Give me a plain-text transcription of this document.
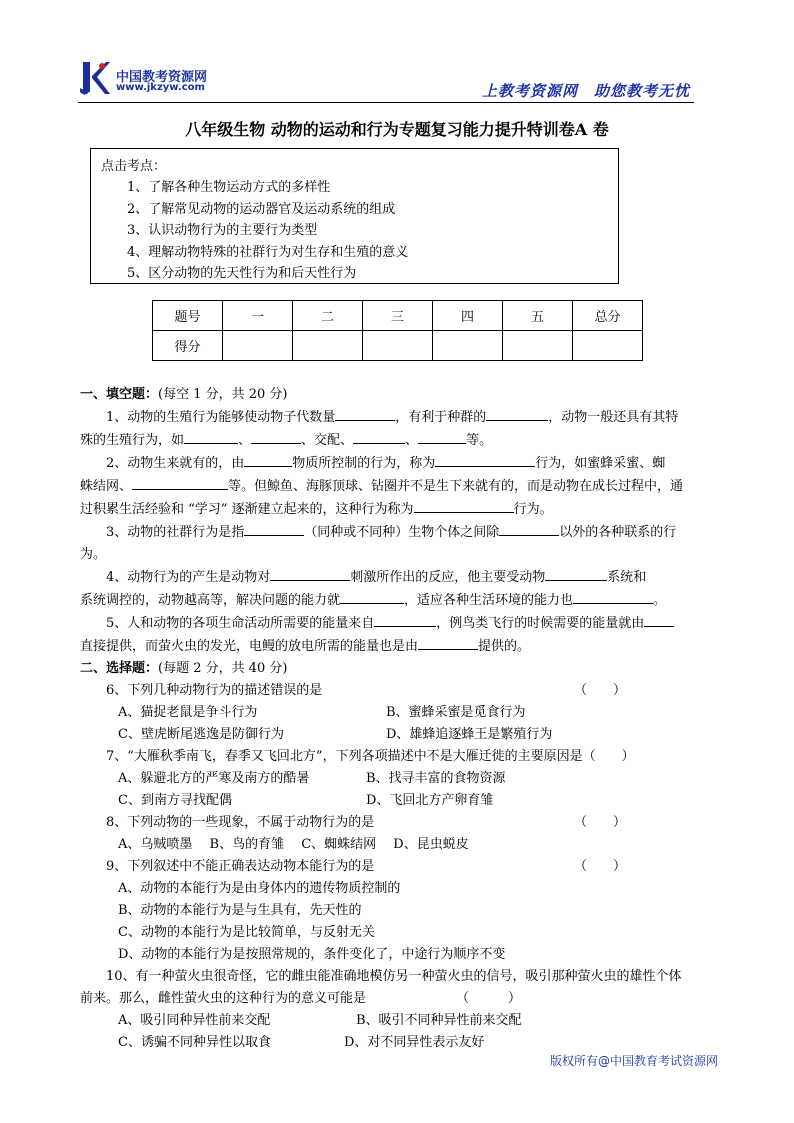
中国教考资源网
www.jkzyw.com	上教考资源网　助您教考无忧
八年级生物 动物的运动和行为专题复习能力提升特训卷A 卷
点击考点：
1、了解各种生物运动方式的多样性
2、了解常见动物的运动器官及运动系统的组成
3、认识动物行为的主要行为类型
4、理解动物特殊的社群行为对生存和生殖的意义
5、区分动物的先天性行为和后天性行为
题号	一	二	三	四	五	总分
得分						

一、填空题：(每空 1 分，共 20 分)

1、动物的生殖行为能够使动物子代数量	，有利于种群的	，动物一般还具有其特

殊的生殖行为，如	、	、交配、	、	等。

2、动物生来就有的，由	物质所控制的行为，称为	行为，如蜜蜂采蜜、蜘

蛛结网、	等。但鲸鱼、海豚顶球、钻圈并不是生下来就有的，而是动物在成长过程中，通

过积累生活经验和 “学习” 逐渐建立起来的，这种行为称为	行为。

3、动物的社群行为是指	（同种或不同种）生物个体之间除	以外的各种联系的行

为。

4、动物行为的产生是动物对	刺激所作出的反应，他主要受动物	系统和

系统调控的，动物越高等，解决问题的能力就	，适应各种生活环境的能力也	。

5、人和动物的各项生命活动所需要的能量来自	，例鸟类飞行的时候需要的能量就由

直接提供，而萤火虫的发光，电鳗的放电所需的能量也是由	提供的。

二、选择题：(每题 2 分，共 40 分)

6、下列几种动物行为的描述错误的是	（　　）

A、猫捉老鼠是争斗行为	B、蜜蜂采蜜是觅食行为

C、壁虎断尾逃逸是防御行为	D、雄蜂追逐蜂王是繁殖行为

7、“大雁秋季南飞，春季又飞回北方”，下列各项描述中不是大雁迁徙的主要原因是（　　）

A、躲避北方的严寒及南方的酷暑	B、找寻丰富的食物资源

C、到南方寻找配偶	D、飞回北方产卵育雏

8、下列动物的一些现象，不属于动物行为的是	（　　）

A、乌贼喷墨　 B、鸟的育雏　 C、蜘蛛结网　 D、昆虫蜕皮

9、下列叙述中不能正确表达动物本能行为的是	（　　）

A、动物的本能行为是由身体内的遗传物质控制的

B、动物的本能行为是与生具有，先天性的

C、动物的本能行为是比较简单，与反射无关

D、动物的本能行为是按照常规的，条件变化了，中途行为顺序不变

10、有一种萤火虫很奇怪，它的雌虫能准确地模仿另一种萤火虫的信号，吸引那种萤火虫的雄性个体

前来。那么，雌性萤火虫的这种行为的意义可能是	（　　　）

A、吸引同种异性前来交配	B、吸引不同种异性前来交配

C、诱骗不同种异性以取食	D、对不同异性表示友好

版权所有@中国教育考试资源网
